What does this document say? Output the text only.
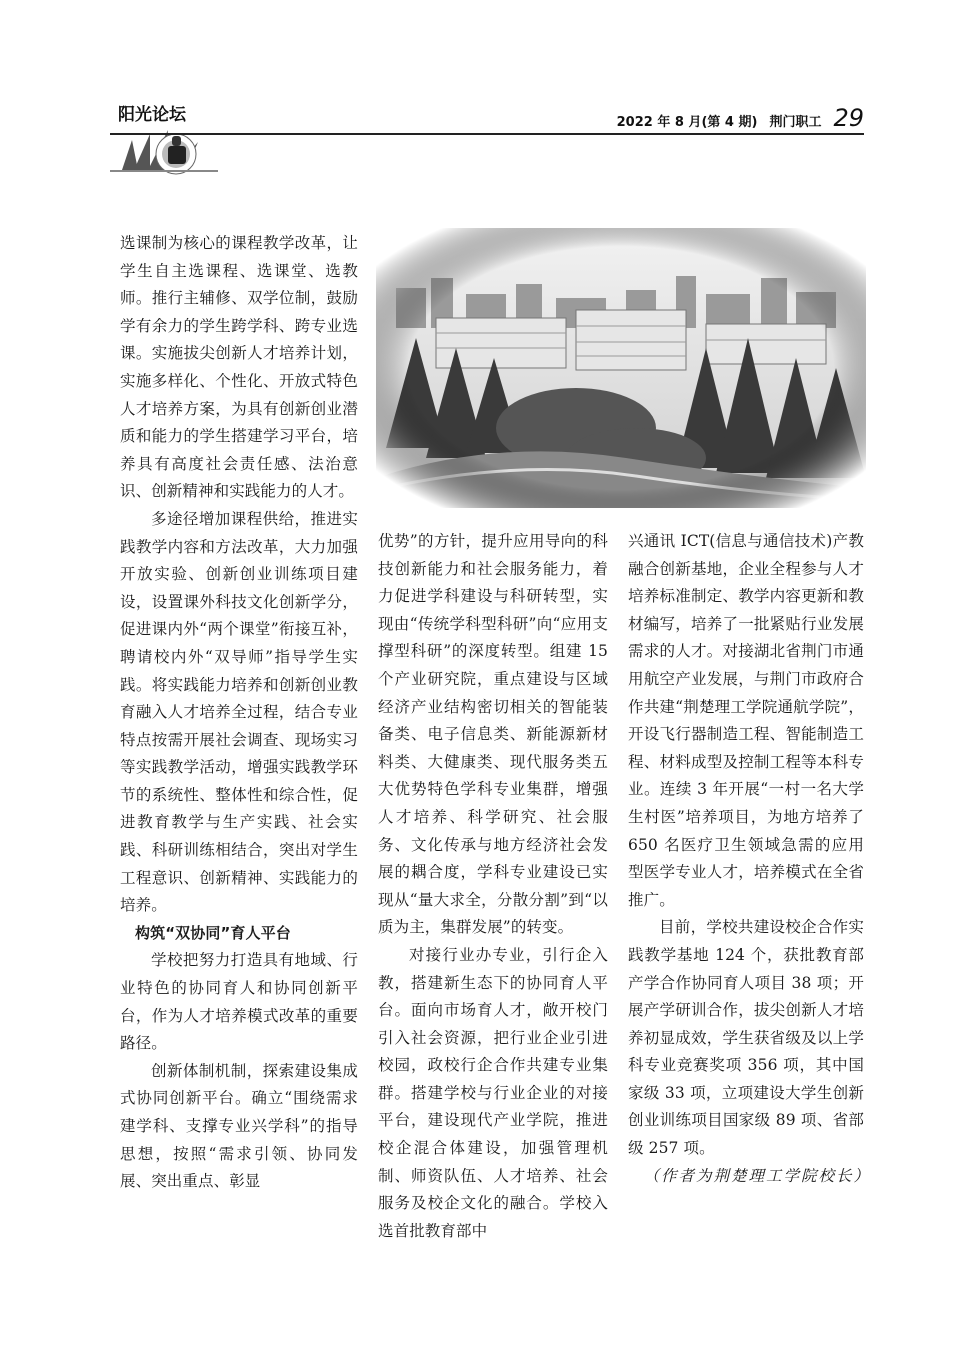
阳光论坛	2022 年 8 月(第 4 期) 荆门职工 29

选课制为核心的课程教学改革，让学生自主选课程、选课堂、选教师。推行主辅修、双学位制，鼓励学有余力的学生跨学科、跨专业选课。实施拔尖创新人才培养计划，实施多样化、个性化、开放式特色人才培养方案，为具有创新创业潜质和能力的学生搭建学习平台，培养具有高度社会责任感、法治意识、创新精神和实践能力的人才。

多途径增加课程供给，推进实践教学内容和方法改革，大力加强开放实验、创新创业训练项目建设，设置课外科技文化创新学分，促进课内外“两个课堂”衔接互补，聘请校内外“双导师”指导学生实践。将实践能力培养和创新创业教育融入人才培养全过程，结合专业特点按需开展社会调查、现场实习等实践教学活动，增强实践教学环节的系统性、整体性和综合性，促进教育教学与生产实践、社会实践、科研训练相结合，突出对学生工程意识、创新精神、实践能力的培养。

构筑“双协同”育人平台

学校把努力打造具有地域、行业特色的协同育人和协同创新平台，作为人才培养模式改革的重要路径。

创新体制机制，探索建设集成式协同创新平台。确立“围绕需求建学科、支撑专业兴学科”的指导思想，按照“需求引领、协同发展、突出重点、彰显

优势”的方针，提升应用导向的科技创新能力和社会服务能力，着力促进学科建设与科研转型，实现由“传统学科型科研”向“应用支撑型科研”的深度转型。组建 15 个产业研究院，重点建设与区域经济产业结构密切相关的智能装备类、电子信息类、新能源新材料类、大健康类、现代服务类五大优势特色学科专业集群，增强人才培养、科学研究、社会服务、文化传承与地方经济社会发展的耦合度，学科专业建设已实现从“量大求全，分散分割”到“以质为主，集群发展”的转变。

对接行业办专业，引行企入教，搭建新生态下的协同育人平台。面向市场育人才，敞开校门引入社会资源，把行业企业引进校园，政校行企合作共建专业集群。搭建学校与行业企业的对接平台，建设现代产业学院，推进校企混合体建设，加强管理机制、师资队伍、人才培养、社会服务及校企文化的融合。学校入选首批教育部中

兴通讯 ICT(信息与通信技术)产教融合创新基地，企业全程参与人才培养标准制定、教学内容更新和教材编写，培养了一批紧贴行业发展需求的人才。对接湖北省荆门市通用航空产业发展，与荆门市政府合作共建“荆楚理工学院通航学院”，开设飞行器制造工程、智能制造工程、材料成型及控制工程等本科专业。连续 3 年开展“一村一名大学生村医”培养项目，为地方培养了 650 名医疗卫生领域急需的应用型医学专业人才，培养模式在全省推广。

目前，学校共建设校企合作实践教学基地 124 个，获批教育部产学合作协同育人项目 38 项；开展产学研训合作，拔尖创新人才培养初显成效，学生获省级及以上学科专业竞赛奖项 356 项，其中国家级 33 项，立项建设大学生创新创业训练项目国家级 89 项、省部级 257 项。

（作者为荆楚理工学院校长）
